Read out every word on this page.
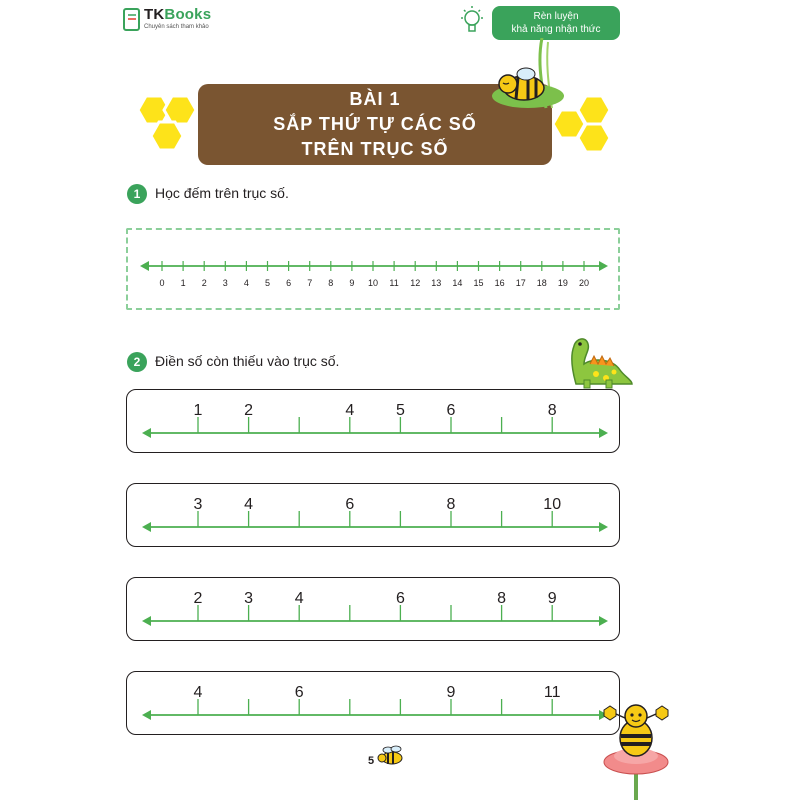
TKBooks
Chuyên sách tham khảo
Rèn luyện
khả năng nhận thức
BÀI 1
SẮP THỨ TỰ CÁC SỐ
TRÊN TRỤC SỐ
1	Học đếm trên trục số.
0 1 2 3 4 5 6 7 8 9 10 11 12 13 14 15 16 17 18 19 20
2	Điền số còn thiếu vào trục số.
1	2	4	5	6	8
3	4	6	8	10
2	3	4	6	8	9
4	6	9	11
5
